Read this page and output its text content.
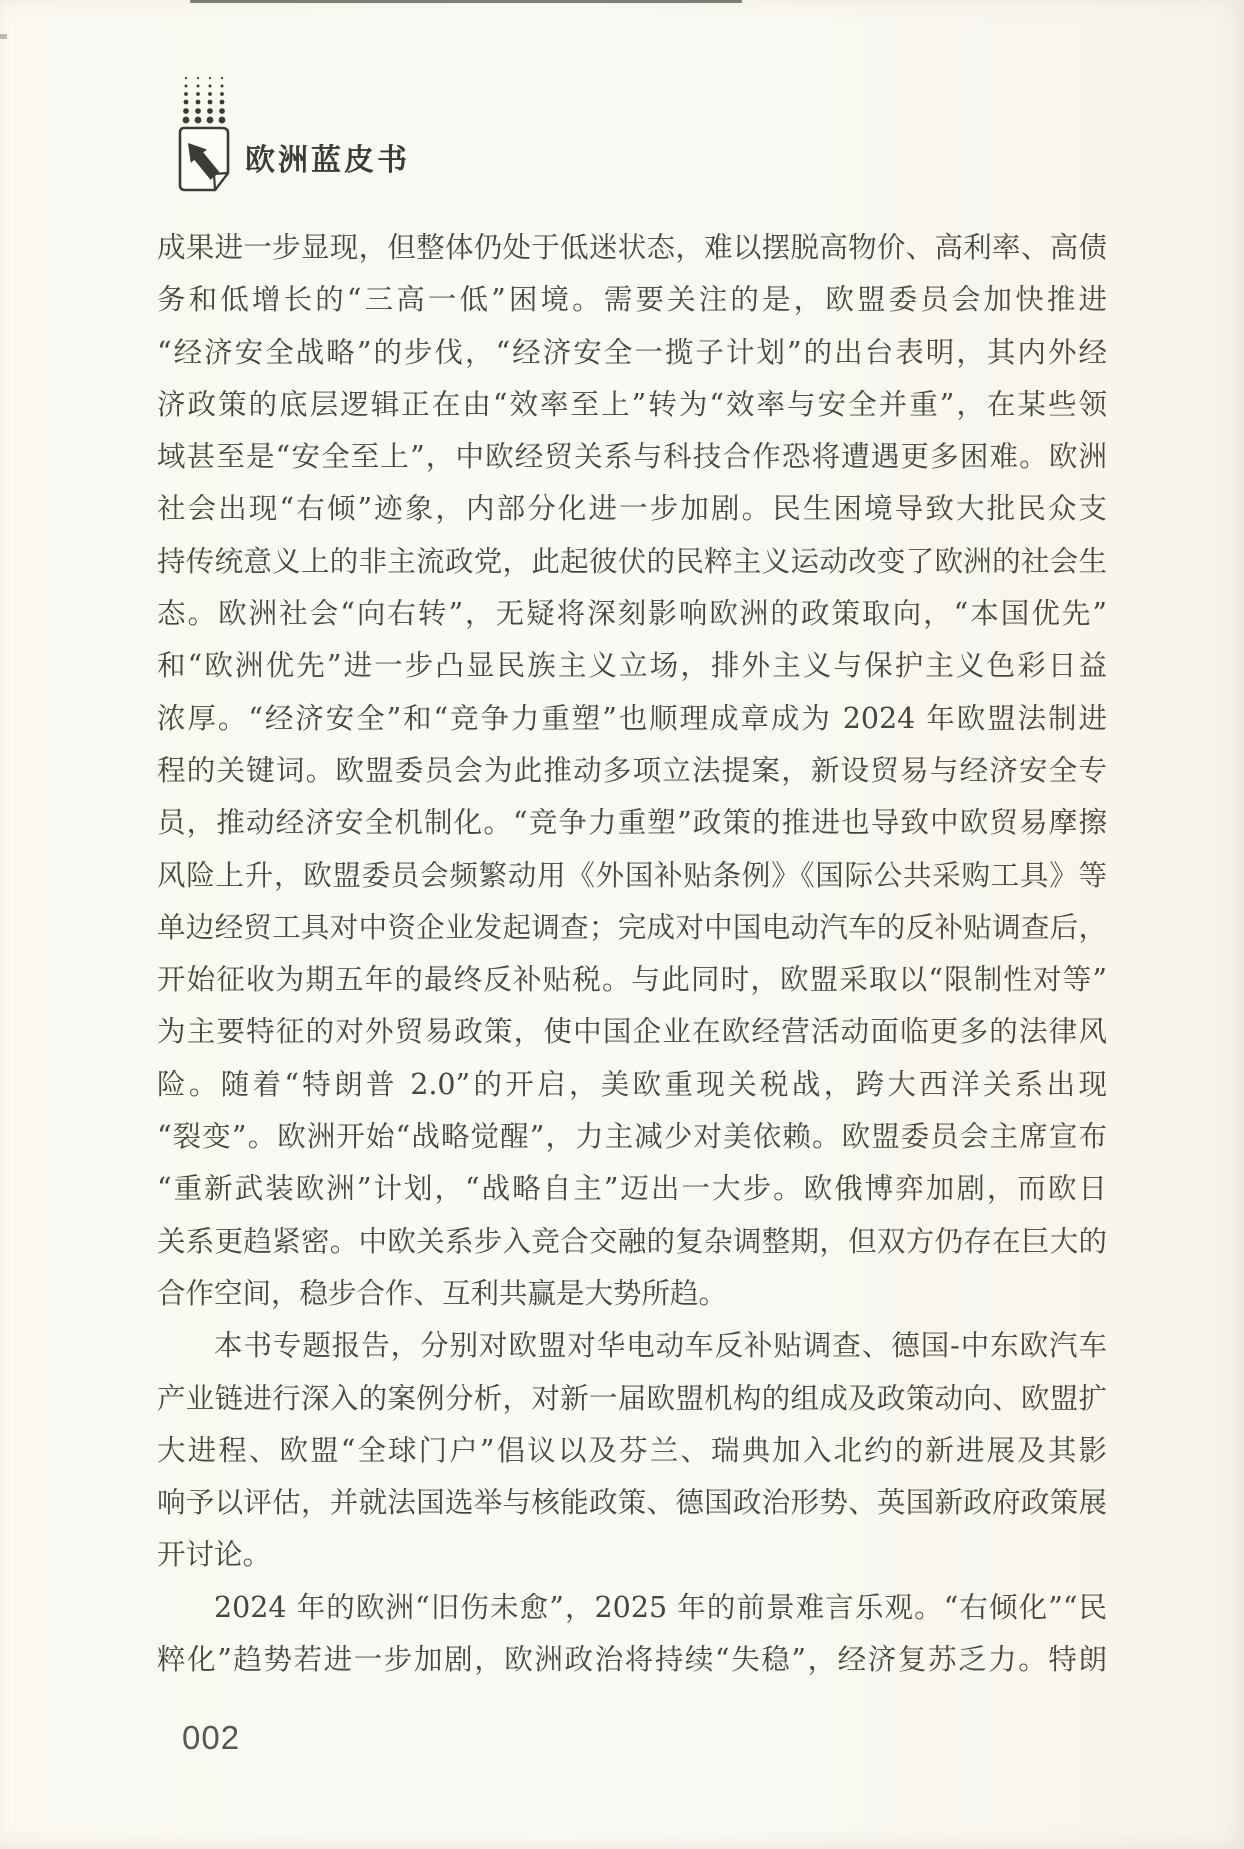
欧洲蓝皮书
成果进一步显现，但整体仍处于低迷状态，难以摆脱高物价、高利率、高债
务和低增长的“三高一低”困境。需要关注的是，欧盟委员会加快推进
“经济安全战略”的步伐，“经济安全一揽子计划”的出台表明，其内外经
济政策的底层逻辑正在由“效率至上”转为“效率与安全并重”，在某些领
域甚至是“安全至上”，中欧经贸关系与科技合作恐将遭遇更多困难。欧洲
社会出现“右倾”迹象，内部分化进一步加剧。民生困境导致大批民众支
持传统意义上的非主流政党，此起彼伏的民粹主义运动改变了欧洲的社会生
态。欧洲社会“向右转”，无疑将深刻影响欧洲的政策取向，“本国优先”
和“欧洲优先”进一步凸显民族主义立场，排外主义与保护主义色彩日益
浓厚。“经济安全”和“竞争力重塑”也顺理成章成为 2024 年欧盟法制进
程的关键词。欧盟委员会为此推动多项立法提案，新设贸易与经济安全专
员，推动经济安全机制化。“竞争力重塑”政策的推进也导致中欧贸易摩擦
风险上升，欧盟委员会频繁动用《外国补贴条例》《国际公共采购工具》等
单边经贸工具对中资企业发起调查；完成对中国电动汽车的反补贴调查后，
开始征收为期五年的最终反补贴税。与此同时，欧盟采取以“限制性对等”
为主要特征的对外贸易政策，使中国企业在欧经营活动面临更多的法律风
险。随着“特朗普 2.0”的开启，美欧重现关税战，跨大西洋关系出现
“裂变”。欧洲开始“战略觉醒”，力主减少对美依赖。欧盟委员会主席宣布
“重新武装欧洲”计划，“战略自主”迈出一大步。欧俄博弈加剧，而欧日
关系更趋紧密。中欧关系步入竞合交融的复杂调整期，但双方仍存在巨大的
合作空间，稳步合作、互利共赢是大势所趋。
本书专题报告，分别对欧盟对华电动车反补贴调查、德国-中东欧汽车
产业链进行深入的案例分析，对新一届欧盟机构的组成及政策动向、欧盟扩
大进程、欧盟“全球门户”倡议以及芬兰、瑞典加入北约的新进展及其影
响予以评估，并就法国选举与核能政策、德国政治形势、英国新政府政策展
开讨论。
2024 年的欧洲“旧伤未愈”，2025 年的前景难言乐观。“右倾化”“民
粹化”趋势若进一步加剧，欧洲政治将持续“失稳”，经济复苏乏力。特朗
002
